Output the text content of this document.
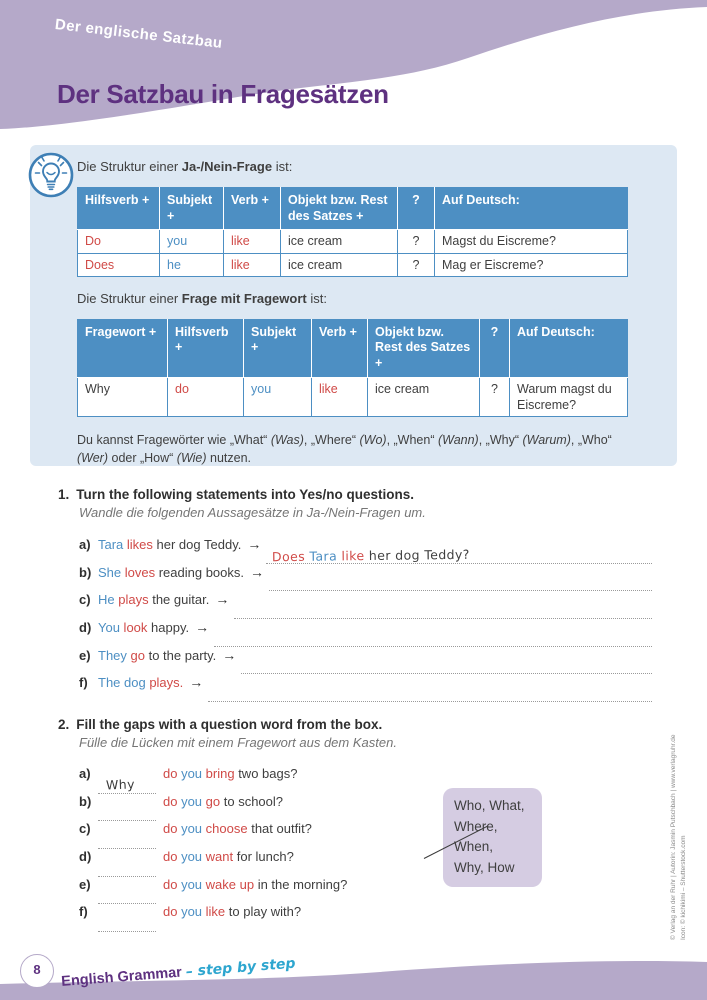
Der englische Satzbau
Der Satzbau in Fragesätzen
Die Struktur einer Ja-/Nein-Frage ist:
Hilfsverb +	Subjekt +	Verb +	Objekt bzw. Rest des Satzes +	?	Auf Deutsch:
Do	you	like	ice cream	?	Magst du Eiscreme?
Does	he	like	ice cream	?	Mag er Eiscreme?
Die Struktur einer Frage mit Fragewort ist:
Fragewort +	Hilfsverb +	Subjekt +	Verb +	Objekt bzw. Rest des Satzes +	?	Auf Deutsch:
Why	do	you	like	ice cream	?	Warum magst du Eiscreme?
Du kannst Fragewörter wie „What“ (Was), „Where“ (Wo), „When“ (Wann), „Why“ (Warum), „Who“ (Wer) oder „How“ (Wie) nutzen.
1. Turn the following statements into Yes/no questions.
Wandle die folgenden Aussagesätze in Ja-/Nein-Fragen um.
a) Tara likes her dog Teddy. →
Does Tara like her dog Teddy?
b) She loves reading books. →
c) He plays the guitar. →
d) You look happy. →
e) They go to the party. →
f) The dog plays. →
2. Fill the gaps with a question word from the box.
Fülle die Lücken mit einem Fragewort aus dem Kasten.
a)
Why
do you bring two bags?
b)	do you go to school?
c)	do you choose that outfit?
d)	do you want for lunch?
e)	do you wake up in the morning?
f)	do you like to play with?
Who, What,
Where, When,
Why, How
8	English Grammar – step by step
© Verlag an der Ruhr | Autorin: Jasmin Putschbach | www.verlagruhr.de Icon: © kichikimi – Shutterstock.com
